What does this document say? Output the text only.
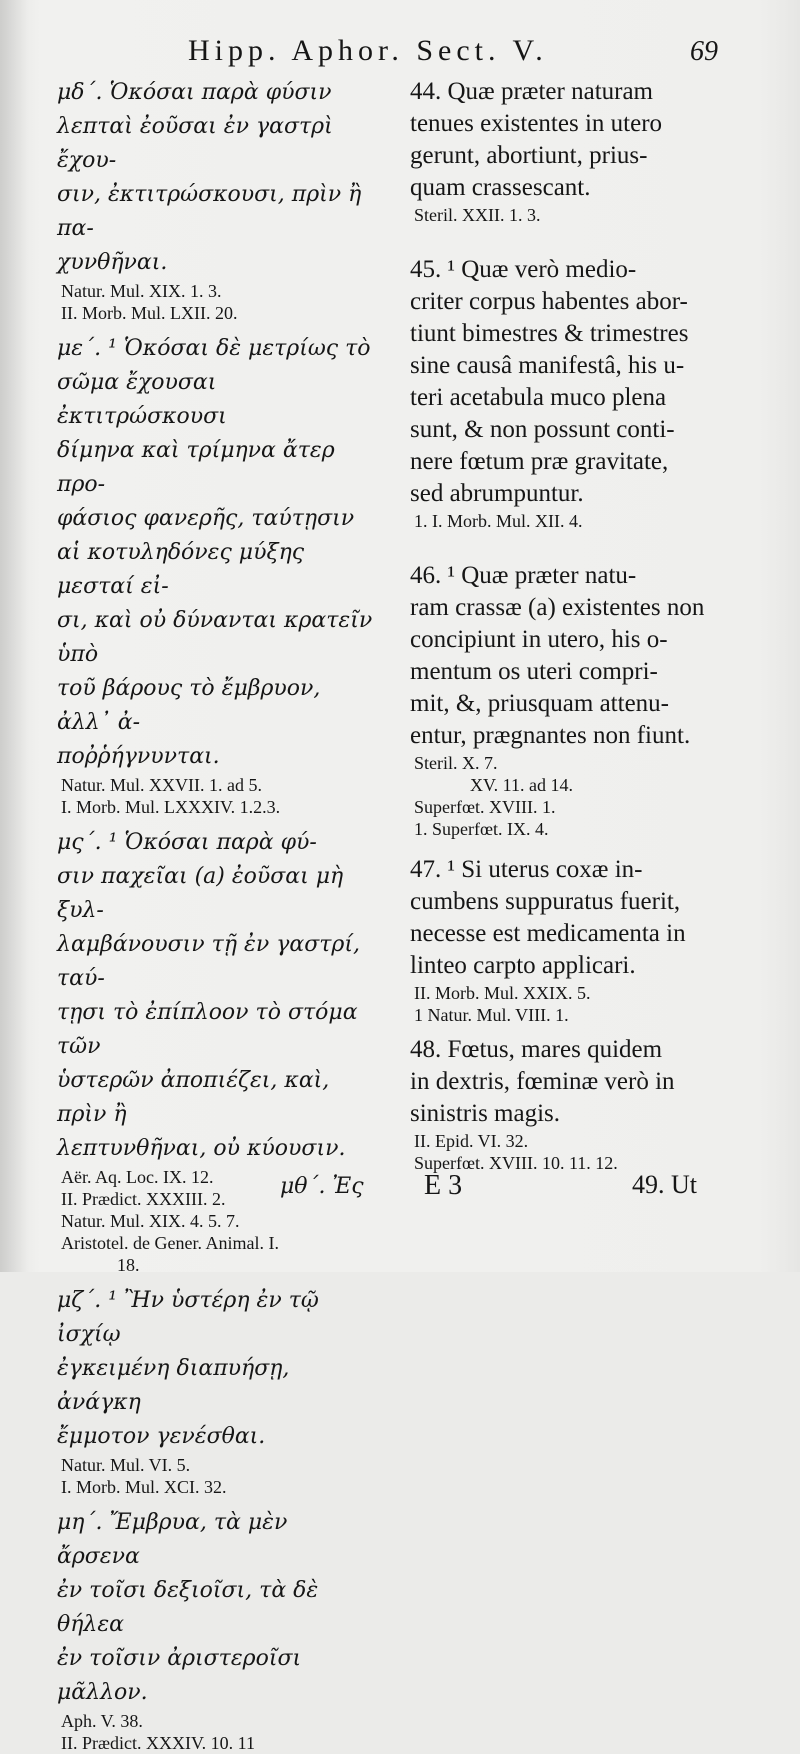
Hipp. Aphor. Sect. V.	69

μδ΄. Ὁκόσαι παρὰ φύσιν

λεπταὶ ἐοῦσαι ἐν γαστρὶ ἔχου-

σιν, ἐκτιτρώσκουσι, πρὶν ἢ πα-

χυνθῆναι.

Natur. Mul. XIX. 1. 3.

II. Morb. Mul. LXII. 20.

με΄. ¹ Ὁκόσαι δὲ μετρίως τὸ

σῶμα ἔχουσαι ἐκτιτρώσκουσι

δίμηνα καὶ τρίμηνα ἄτερ προ-

φάσιος φανερῆς, ταύτῃσιν

αἱ κοτυληδόνες μύξης μεσταί εἰ-

σι, καὶ οὐ δύνανται κρατεῖν ὑπὸ

τοῦ βάρους τὸ ἔμβρυον, ἀλλ᾽ ἀ-

ποῤῥήγνυνται.

Natur. Mul. XXVII. 1. ad 5.

I. Morb. Mul. LXXXIV. 1.2.3.

μς΄. ¹ Ὁκόσαι παρὰ φύ-

σιν παχεῖαι (a) ἐοῦσαι μὴ ξυλ-

λαμβάνουσιν τῇ ἐν γαστρί, ταύ-

τῃσι τὸ ἐπίπλοον τὸ στόμα τῶν

ὑστερῶν ἀποπιέζει, καὶ, πρὶν ἢ

λεπτυνθῆναι, οὐ κύουσιν.

Aër. Aq. Loc. IX. 12.

II. Prædict. XXXIII. 2.

Natur. Mul. XIX. 4. 5. 7.

Aristotel. de Gener. Animal. I.

18.

μζ΄. ¹ Ἢν ὑστέρη ἐν τῷ ἰσχίῳ

ἐγκειμένη διαπυήσῃ, ἀνάγκη

ἔμμοτον γενέσθαι.

Natur. Mul. VI. 5.

I. Morb. Mul. XCI. 32.

μη΄. Ἔμβρυα, τὰ μὲν ἄρσενα

ἐν τοῖσι δεξιοῖσι, τὰ δὲ θήλεα

ἐν τοῖσιν ἀριστεροῖσι μᾶλλον.

Aph. V. 38.

II. Prædict. XXXIV. 10. 11

44. Quæ præter naturam

tenues existentes in utero

gerunt, abortiunt, prius-

quam crassescant.

Steril. XXII. 1. 3.

45. ¹ Quæ verò medio-

criter corpus habentes abor-

tiunt bimestres & trimestres

sine causâ manifestâ, his u-

teri acetabula muco plena

sunt, & non possunt conti-

nere fœtum præ gravitate,

sed abrumpuntur.

1. I. Morb. Mul. XII. 4.

46. ¹ Quæ præter natu-

ram crassæ (a) existentes non

concipiunt in utero, his o-

mentum os uteri compri-

mit, &, priusquam attenu-

entur, prægnantes non fiunt.

Steril. X. 7.

XV. 11. ad 14.

Superfœt. XVIII. 1.

1. Superfœt. IX. 4.

47. ¹ Si uterus coxæ in-

cumbens suppuratus fuerit,

necesse est medicamenta in

linteo carpto applicari.

II. Morb. Mul. XXIX. 5.

1 Natur. Mul. VIII. 1.

48. Fœtus, mares quidem

in dextris, fœminæ verò in

sinistris magis.

II. Epid. VI. 32.

Superfœt. XVIII. 10. 11. 12.

μθ΄. Ἐς E 3	49. Ut
